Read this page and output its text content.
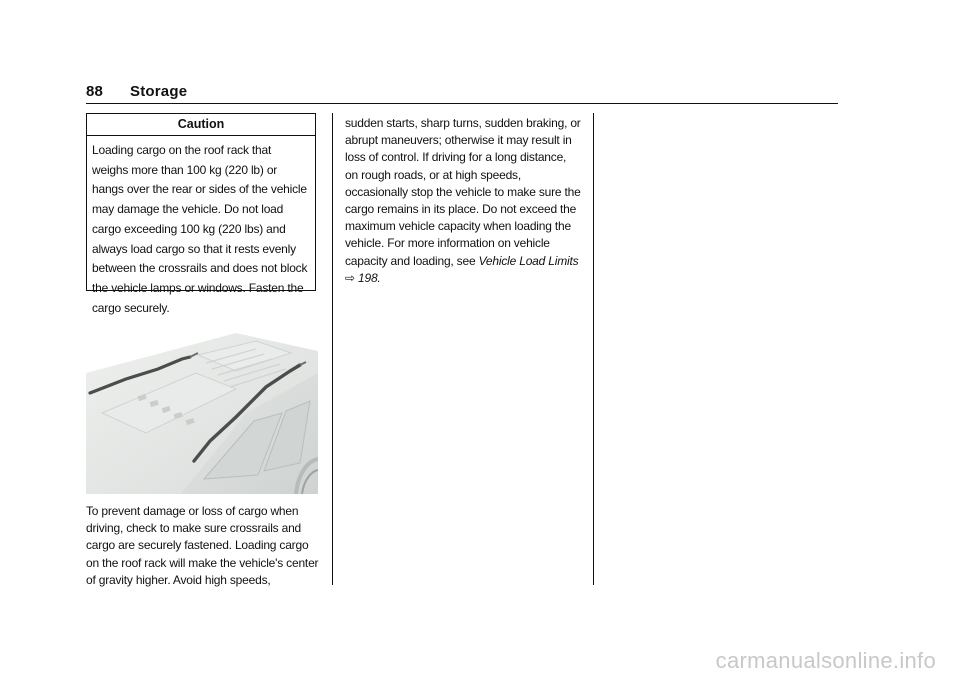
88 Storage
Caution
Loading cargo on the roof rack that weighs more than 100 kg (220 lb) or hangs over the rear or sides of the vehicle may damage the vehicle. Do not load cargo exceeding 100 kg (220 lbs) and always load cargo so that it rests evenly between the crossrails and does not block the vehicle lamps or windows. Fasten the cargo securely.

To prevent damage or loss of cargo when driving, check to make sure crossrails and cargo are securely fastened. Loading cargo on the roof rack will make the vehicle's center of gravity higher. Avoid high speeds,

sudden starts, sharp turns, sudden braking, or abrupt maneuvers; otherwise it may result in loss of control. If driving for a long distance, on rough roads, or at high speeds, occasionally stop the vehicle to make sure the cargo remains in its place. Do not exceed the maximum vehicle capacity when loading the vehicle. For more information on vehicle capacity and loading, see Vehicle Load Limits ⇨ 198.

carmanualsonline.info
